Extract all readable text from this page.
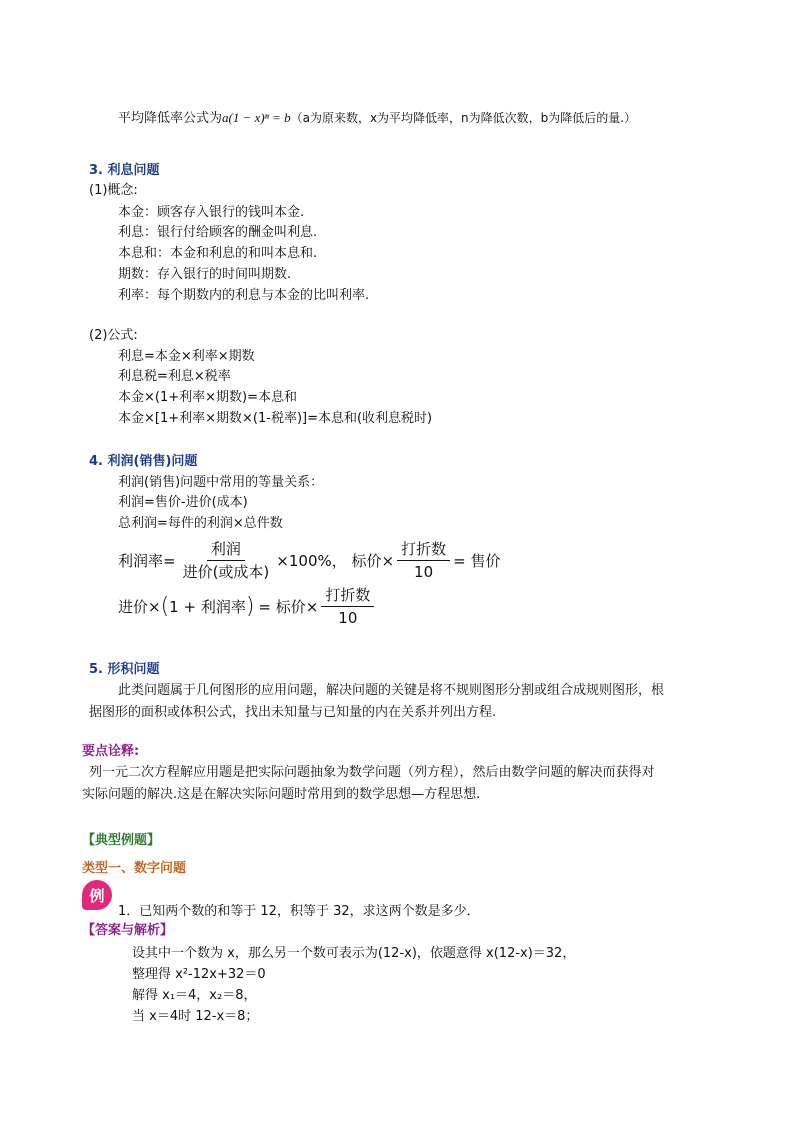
平均降低率公式为a(1 − x)ⁿ = b（a为原来数，x为平均降低率，n为降低次数，b为降低后的量.）
3. 利息问题
(1)概念:
本金：顾客存入银行的钱叫本金.
利息：银行付给顾客的酬金叫利息.
本息和：本金和利息的和叫本息和.
期数：存入银行的时间叫期数.
利率：每个期数内的利息与本金的比叫利率.
(2)公式:
利息=本金×利率×期数
利息税=利息×税率
本金×(1+利率×期数)=本息和
本金×[1+利率×期数×(1-税率)]=本息和(收利息税时)
4. 利润(销售)问题
利润(销售)问题中常用的等量关系：
利润=售价-进价(成本)
总利润=每件的利润×总件数
利润率= $\frac{\text{利润}}{\text{进价(或成本)}} \times 100\%$， 标价× $\frac{\text{打折数}}{10}$ = 售价
进价× ( 1 + 利润率 ) = 标价× $\frac{\text{打折数}}{10}$
5. 形积问题
此类问题属于几何图形的应用问题，解决问题的关键是将不规则图形分割或组合成规则图形，根
据图形的面积或体积公式，找出未知量与已知量的内在关系并列出方程.
要点诠释:
列一元二次方程解应用题是把实际问题抽象为数学问题（列方程），然后由数学问题的解决而获得对
实际问题的解决.这是在解决实际问题时常用到的数学思想—方程思想.
【典型例题】
类型一、数字问题
例
1．已知两个数的和等于 12，积等于 32，求这两个数是多少．
【答案与解析】
设其中一个数为 x，那么另一个数可表示为(12-x)，依题意得 x(12-x)＝32，
整理得 x²-12x+32＝0
解得 x₁＝4，x₂＝8，
当 x＝4时 12-x＝8；
